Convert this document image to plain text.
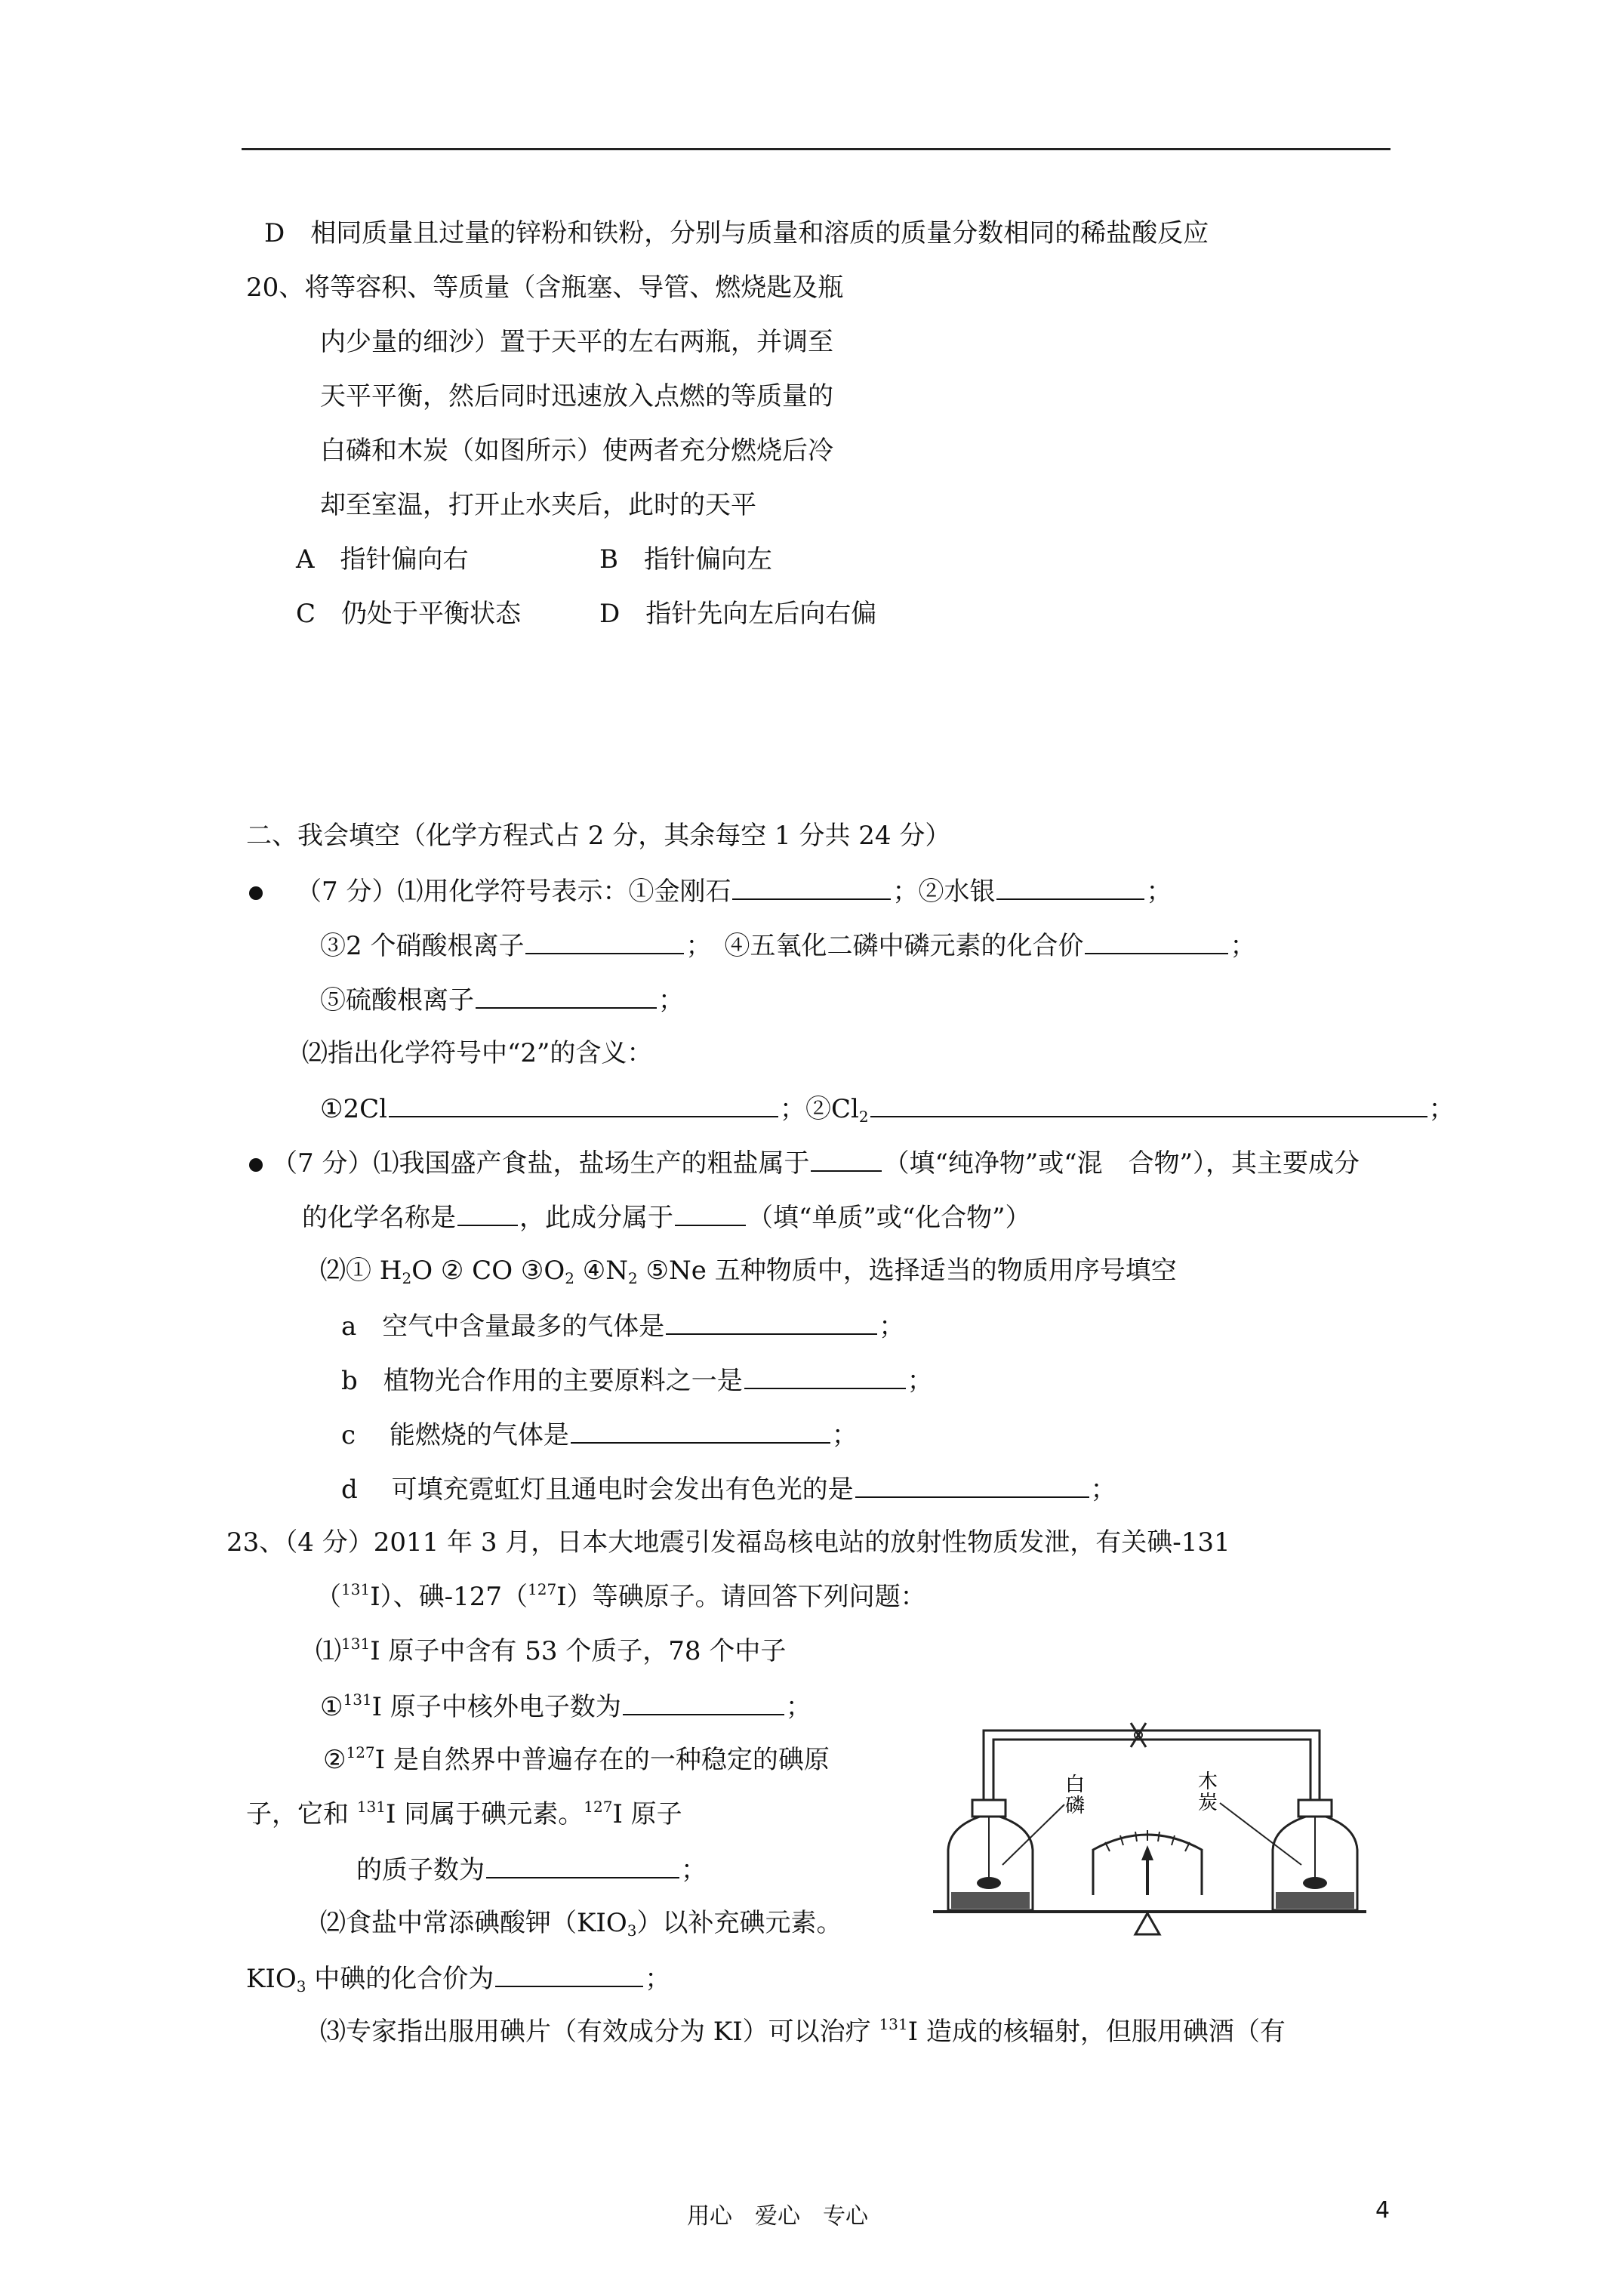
D　相同质量且过量的锌粉和铁粉，分别与质量和溶质的质量分数相同的稀盐酸反应
20、将等容积、等质量（含瓶塞、导管、燃烧匙及瓶
内少量的细沙）置于天平的左右两瓶，并调至
天平平衡，然后同时迅速放入点燃的等质量的
白磷和木炭（如图所示）使两者充分燃烧后冷
却至室温，打开止水夹后，此时的天平
A　指针偏向右	B　指针偏向左
C　仍处于平衡状态	D　指针先向左后向右偏
二、我会填空（化学方程式占 2 分，其余每空 1 分共 24 分）
（7 分）⑴用化学符号表示：①金刚石	；②水银	；
③2 个硝酸根离子	；　④五氧化二磷中磷元素的化合价	；
⑤硫酸根离子	；
⑵指出化学符号中“2”的含义：
①2Cl	；$②Cl_2$	；
（7 分）⑴我国盛产食盐，盐场生产的粗盐属于	（填“纯净物”或“混　合物”），其主要成分
的化学名称是 ，此成分属于	（填“单质”或“化合物”）
⑵① $H_2O$ ② CO $③O_2$ $④N_2$ ⑤Ne 五种物质中，选择适当的物质用序号填空
a　空气中含量最多的气体是	；
b　植物光合作用的主要原料之一是	；
c　 能燃烧的气体是	；
d　 可填充霓虹灯且通电时会发出有色光的是	；
23、（4 分）2011 年 3 月，日本大地震引发福岛核电站的放射性物质发泄，有关碘-131
（$^{131}$I）、碘-127（$^{127}$I）等碘原子。请回答下列问题：
⑴$^{131}$I 原子中含有 53 个质子，78 个中子
①$^{131}$I 原子中核外电子数为	；
②$^{127}$I 是自然界中普遍存在的一种稳定的碘原
子，它和 $^{131}$I 同属于碘元素。$^{127}$I 原子
的质子数为	；
⑵食盐中常添碘酸钾$(KIO_3)$以补充碘元素。
$KIO_3$ 中碘的化合价为	；
⑶专家指出服用碘片（有效成分为 KI）可以治疗 $^{131}$I 造成的核辐射，但服用碘酒（有
白
磷
木
炭
用心　爱心　专心	4
